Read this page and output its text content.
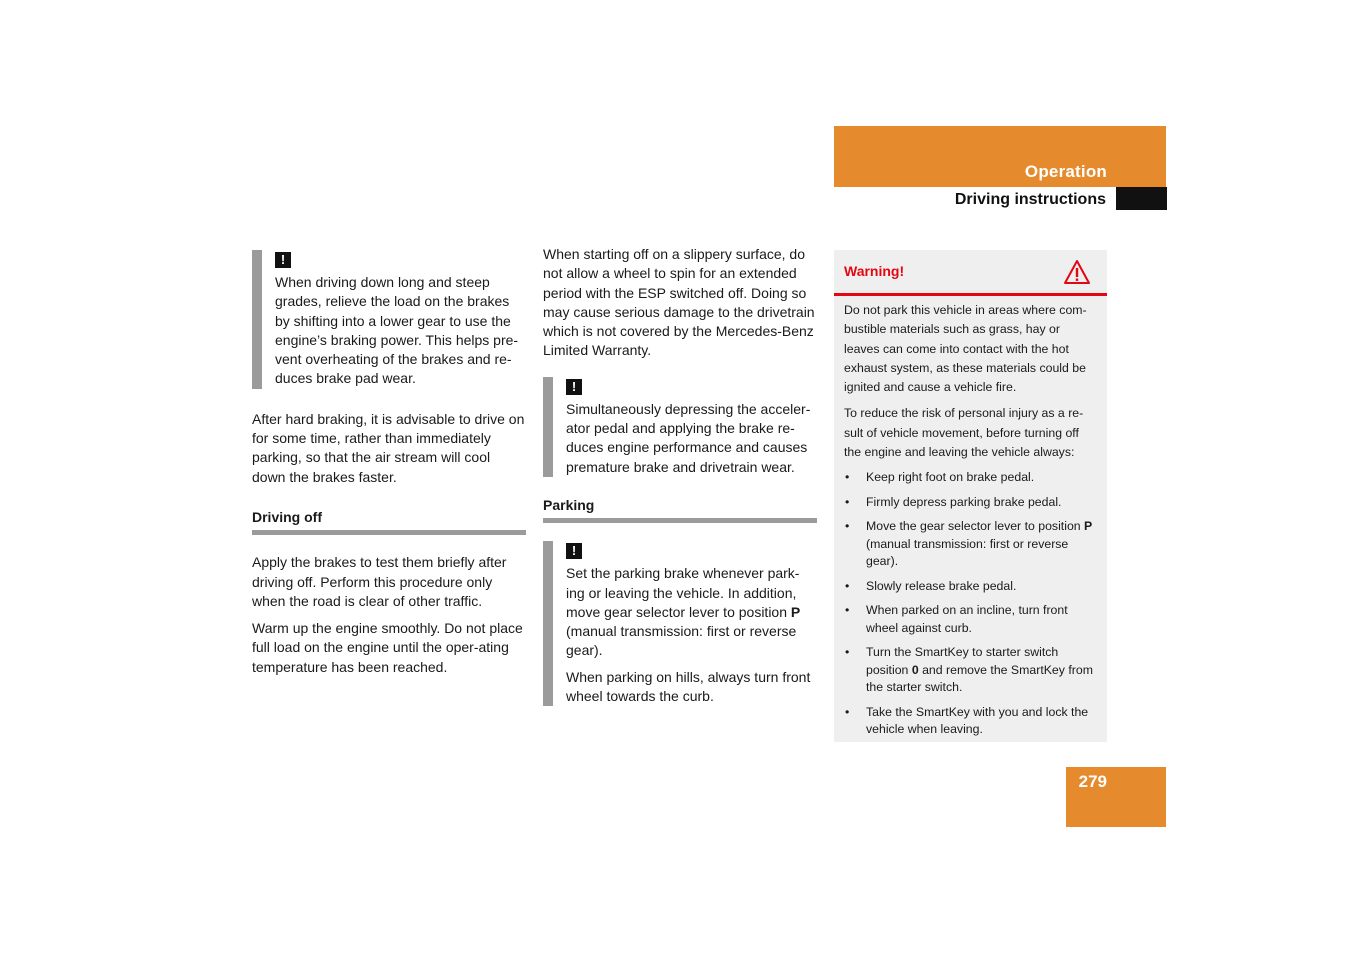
Operation
Driving instructions
!

When driving down long and steep grades, relieve the load on the brakes by shifting into a lower gear to use the engine’s braking power. This helps pre-vent overheating of the brakes and re-duces brake pad wear.

After hard braking, it is advisable to drive on for some time, rather than immediately parking, so that the air stream will cool down the brakes faster.

Driving off

Apply the brakes to test them briefly after driving off. Perform this procedure only when the road is clear of other traffic.

Warm up the engine smoothly. Do not place full load on the engine until the oper-ating temperature has been reached.

When starting off on a slippery surface, do not allow a wheel to spin for an extended period with the ESP switched off. Doing so may cause serious damage to the drivetrain which is not covered by the Mercedes-Benz Limited Warranty.

!

Simultaneously depressing the acceler-ator pedal and applying the brake re-duces engine performance and causes premature brake and drivetrain wear.

Parking
!

Set the parking brake whenever park-ing or leaving the vehicle. In addition, move gear selector lever to position P (manual transmission: first or reverse gear).

When parking on hills, always turn front wheel towards the curb.

Warning!

Do not park this vehicle in areas where com-bustible materials such as grass, hay or leaves can come into contact with the hot exhaust system, as these materials could be ignited and cause a vehicle fire.

To reduce the risk of personal injury as a re-sult of vehicle movement, before turning off the engine and leaving the vehicle always:

• Keep right foot on brake pedal.
• Firmly depress parking brake pedal.
• Move the gear selector lever to position P (manual transmission: first or reverse gear).
• Slowly release brake pedal.
• When parked on an incline, turn front wheel against curb.
• Turn the SmartKey to starter switch position 0 and remove the SmartKey from the starter switch.
• Take the SmartKey with you and lock the vehicle when leaving.
279
